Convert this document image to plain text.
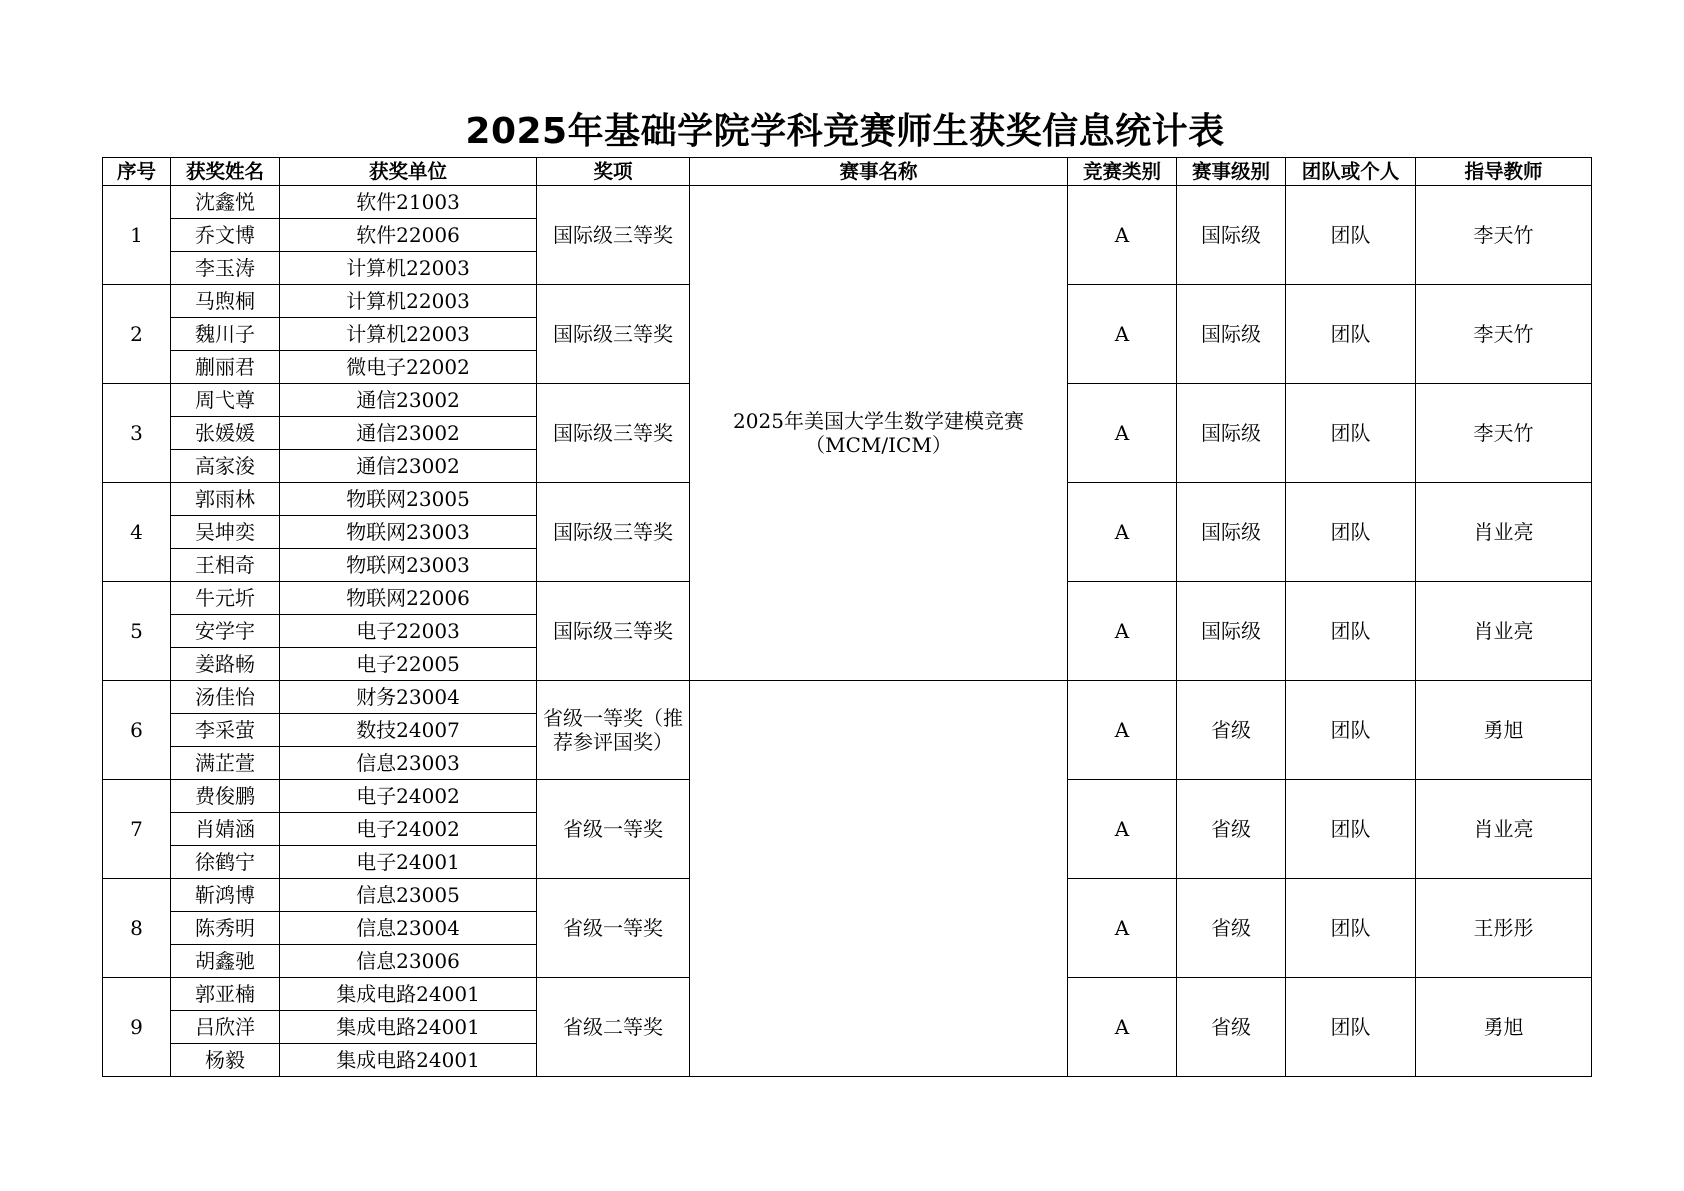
2025年基础学院学科竞赛师生获奖信息统计表
序号	获奖姓名	获奖单位	奖项	赛事名称	竞赛类别	赛事级别	团队或个人	指导教师
1	沈鑫悦	软件21003	国际级三等奖	2025年美国大学生数学建模竞赛（MCM/ICM）	A	国际级	团队	李天竹
	乔文博	软件22006						
	李玉涛	计算机22003						
2	马煦桐	计算机22003	国际级三等奖		A	国际级	团队	李天竹
	魏川子	计算机22003						
	蒯丽君	微电子22002						
3	周弋尊	通信23002	国际级三等奖		A	国际级	团队	李天竹
	张媛媛	通信23002						
	高家浚	通信23002						
4	郭雨林	物联网23005	国际级三等奖		A	国际级	团队	肖业亮
	吴坤奕	物联网23003						
	王相奇	物联网23003						
5	牛元圻	物联网22006	国际级三等奖		A	国际级	团队	肖业亮
	安学宇	电子22003						
	姜路畅	电子22005						
6	汤佳怡	财务23004	省级一等奖（推荐参评国奖）		A	省级	团队	勇旭
	李采萤	数技24007						
	满芷萱	信息23003						
7	费俊鹏	电子24002	省级一等奖		A	省级	团队	肖业亮
	肖婧涵	电子24002						
	徐鹤宁	电子24001						
8	靳鸿博	信息23005	省级一等奖		A	省级	团队	王彤彤
	陈秀明	信息23004						
	胡鑫驰	信息23006						
9	郭亚楠	集成电路24001	省级二等奖		A	省级	团队	勇旭
	吕欣洋	集成电路24001						
	杨毅	集成电路24001						
